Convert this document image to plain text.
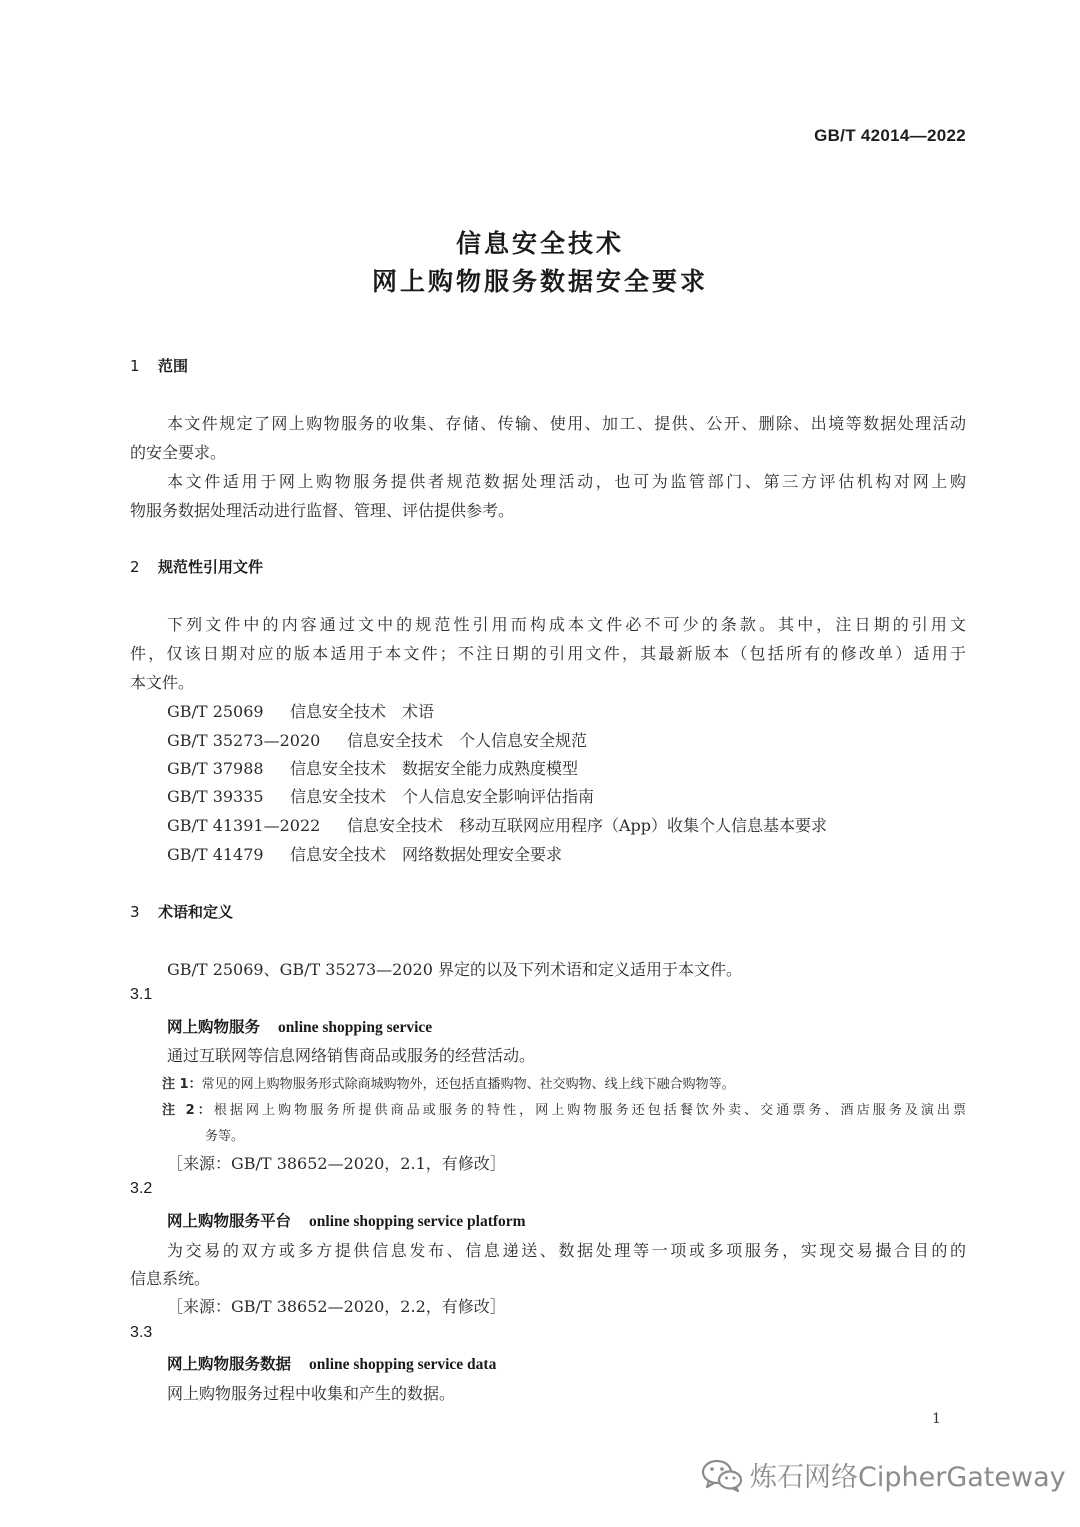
GB/T 42014—2022
信息安全技术
网上购物服务数据安全要求
1 范围
本文件规定了网上购物服务的收集、存储、传输、使用、加工、提供、公开、删除、出境等数据处理活动
的安全要求。
本文件适用于网上购物服务提供者规范数据处理活动，也可为监管部门、第三方评估机构对网上购
物服务数据处理活动进行监督、管理、评估提供参考。
2 规范性引用文件
下列文件中的内容通过文中的规范性引用而构成本文件必不可少的条款。其中，注日期的引用文
件，仅该日期对应的版本适用于本文件；不注日期的引用文件，其最新版本（包括所有的修改单）适用于
本文件。
GB/T 25069 信息安全技术　术语
GB/T 35273—2020 信息安全技术　个人信息安全规范
GB/T 37988 信息安全技术　数据安全能力成熟度模型
GB/T 39335 信息安全技术　个人信息安全影响评估指南
GB/T 41391—2022 信息安全技术　移动互联网应用程序（App）收集个人信息基本要求
GB/T 41479 信息安全技术　网络数据处理安全要求
3 术语和定义
GB/T 25069、GB/T 35273—2020 界定的以及下列术语和定义适用于本文件。
3.1
网上购物服务 online shopping service
通过互联网等信息网络销售商品或服务的经营活动。
注 1：常见的网上购物服务形式除商城购物外，还包括直播购物、社交购物、线上线下融合购物等。
注 2：根据网上购物服务所提供商品或服务的特性，网上购物服务还包括餐饮外卖、交通票务、酒店服务及演出票
务等。
［来源：GB/T 38652—2020，2.1，有修改］
3.2
网上购物服务平台 online shopping service platform
为交易的双方或多方提供信息发布、信息递送、数据处理等一项或多项服务，实现交易撮合目的的
信息系统。
［来源：GB/T 38652—2020，2.2，有修改］
3.3
网上购物服务数据 online shopping service data
网上购物服务过程中收集和产生的数据。
1
炼石网络CipherGateway
